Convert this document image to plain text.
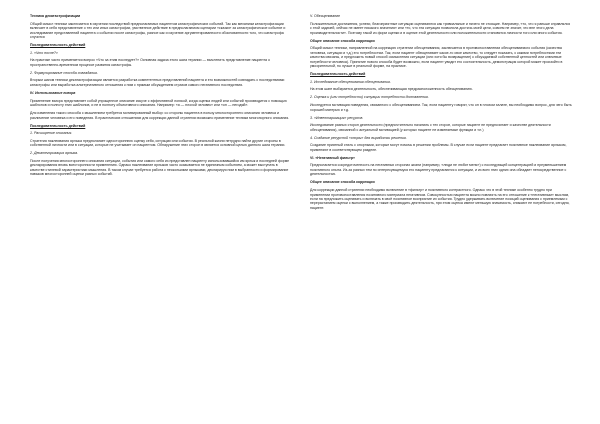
Техника декатастрофизации
Общий смысл техники заключается в изучении последствий предполагаемых пациентом катастрофических событий. Так как механизм катастрофизации включает в себя представление о тех или иных катастрофах, умственное действие в предполагаемом сценарии «сказки» за катастрофическое событие и исследование представлений пациента о событии после катастрофы, разное как и изучение аргументированности обоснованности того, что катастрофа случится
Последовательность действий
1. «Что после?»
На практике часто применяется вопрос «Что за этим последует?» Основная задача этого шага терапии — вычленить представление пациента о пространственно-временном процессе развития катастрофы.
2. Формулирование способа совладания.
Вторым шагом техники декатастрофизации является разработка компетентных представлений пациента и его возможностей совладать с последствиями катастрофы или выработка альтернативного отношения к ним с прямым обсуждением страхов самого негативного последствия.
IV. Использование юмора
Применение юмора представляет собой упрощенное описание искуче с эффективной логикой, когда оценка людей или событий производится с помощью шаблонов и полноту этих шаблонов, и не в полноту объективного описания. Например: «я — плохой человек» или «он — негодяй».
Для изменения такого способа с мышлением требуется мотивированный выбор: со стороны пациента в пользу многостороннего описания человека и различение человека и его поведения. В практических отношениях для коррекции данной стратегии возможно применение техники многопорного описания.
Последовательность действий
1. Расширение описания.
Стратегия наклеивания ярлыка предполагает одностороннюю оценку себя, ситуации или событии. В реальной жизни нетрудно найти другие стороны в собственной личности или в ситуации, которые не учитывает он пациентом. Обнаружение этих сторон в является основной целью данного шага терапии.
2. Декатегоризация ярлыка.
После получения многостороннего описания ситуации, события или самого себя из представлен пациенту использовавшийся им ярлык и последней форме декларирования вновь всесторонности применению. Однако наклеивание ярлыков часто оказывается не единичным событием, а может выступать в качестве стилевой характеристики мышления. В таком случае требуется работа с несколькими ярлыками, декларируя ним в выбранности и формирование навыков многосторонней оценки разных событий.
V. Обесценивание
Положительные достижения, успехи, благоприятные ситуации оцениваются как тривиальные и ничего не стоящие. Например, «то, что я раньше справлялся с этой задачей, сейчас не имеет никакого значения» или «то, что эта ситуация позволила достичь моей цели, совсем не значит, что вне этого дела производительности». Поэтому такой из форм оценки и в оценке этой деятельности или положительности становятся личности того или иного события.
Общее описание способа коррекции
Общий смысл техники, направленной на коррекцию стратегии обесценивания, заключается в противопоставлении обесцениваемого события (качества человека, ситуации и т.д.) его потребностям. Так, если пациент обесценивает какое-то свое качество, то следует показать, с какими потребностями эти качества связаны, и предложить новый способ осмысления ситуации (или хотя бы возвращение) к обсуждаемой собственной ценностей или ключевые потребности человека). Принятие нового способа будет возможно, если пациент увидит его состоятельность, демонстрация которой может произойти в умозрительной, но лучше в реальной форме, на практике.
Последовательность действий
1. Исследование обесценивания обесценивания.
На этом шаге выбирается деятельность, обеспечивающая предрасположенность обесцениванию.
2. Оценка и (или потребности) ситуации потребности доставления.
Исследуется мотивация поведения, связанного с обесцениванием. Так, если пациенту говорят, что он в плохом халате, вы необходимо вопрос, для чего быть хорошей матерью и т.д.
3. «Инвентаризация» ресурсов.
Исследование разных сторон деятельности (предпочтительно начинать с тех сторон, которые пациент не предпочитает и качестве деятельности обесценивания), связанной с актуальной мотивацией (у которых пациент не изменяемые функции и т.п.)
4. Создание ресурсной «опоры» для выработки решения.
Создание приятный стиль с опорными, которые могут помочь в решении проблемы. В случае если пациент предлагает позитивное наклеивание ярлыком, применяют в соответствующем разделе.
VI. «Негативный фильтр»
Предполагается сосредоточенность на негативных сторонах жизни (например, «люди не любят меня») с последующей концентрацией и преуменьшением позитивного опыта. Из-за разных тем по интересующемуся его пациенту предлагаются к ситуации, и из всех этих одних она обладает непосредственное с деятельностью.
Общее описание способа коррекции
Для коррекции данной стратегии необходимо включение в «фильтр» и позитивного контрастного. Однако что в этой технике особенно трудно при применении противопоставления позитивного материала негативном. Совокупностью пациента можно повлиять на его отношение к «негативным» мыслям, если на предложить оценивать и включать в своё позитивное восприятие их события. Трудно удерживать включение позиций оценивания с приемлемым с перерастанием оценки с выполнением, а также производить деятельность, при этом оценка имеют меньшую значимость, снижают ее потребности, сегодня, пациент.
